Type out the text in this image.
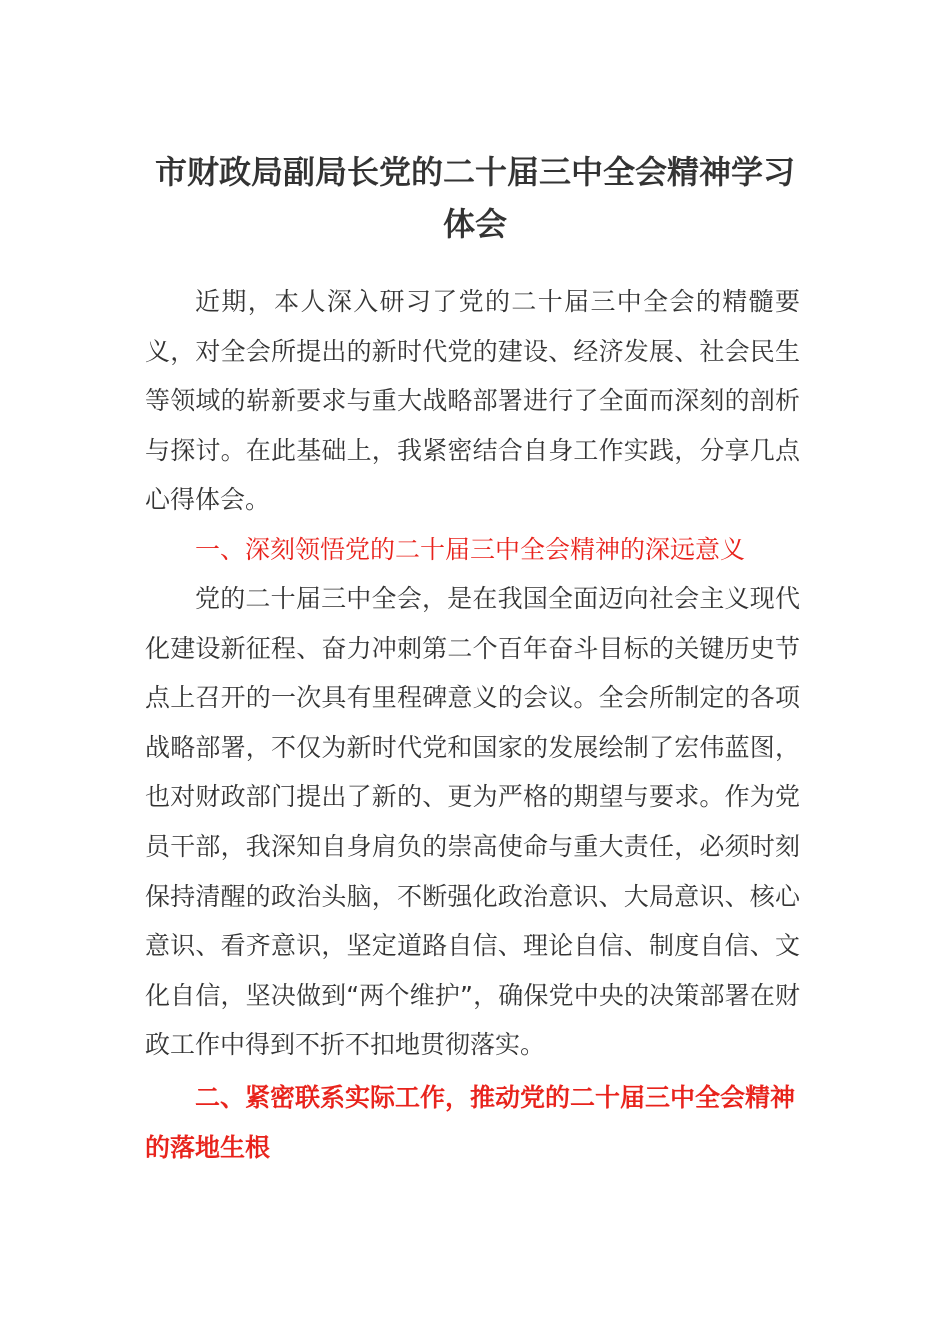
市财政局副局长党的二十届三中全会精神学习体会

近期，本人深入研习了党的二十届三中全会的精髓要义，对全会所提出的新时代党的建设、经济发展、社会民生等领域的崭新要求与重大战略部署进行了全面而深刻的剖析与探讨。在此基础上，我紧密结合自身工作实践，分享几点心得体会。

一、深刻领悟党的二十届三中全会精神的深远意义

党的二十届三中全会，是在我国全面迈向社会主义现代化建设新征程、奋力冲刺第二个百年奋斗目标的关键历史节点上召开的一次具有里程碑意义的会议。全会所制定的各项战略部署，不仅为新时代党和国家的发展绘制了宏伟蓝图，也对财政部门提出了新的、更为严格的期望与要求。作为党员干部，我深知自身肩负的崇高使命与重大责任，必须时刻保持清醒的政治头脑，不断强化政治意识、大局意识、核心意识、看齐意识，坚定道路自信、理论自信、制度自信、文化自信，坚决做到“两个维护”，确保党中央的决策部署在财政工作中得到不折不扣地贯彻落实。

二、紧密联系实际工作，推动党的二十届三中全会精神的落地生根
